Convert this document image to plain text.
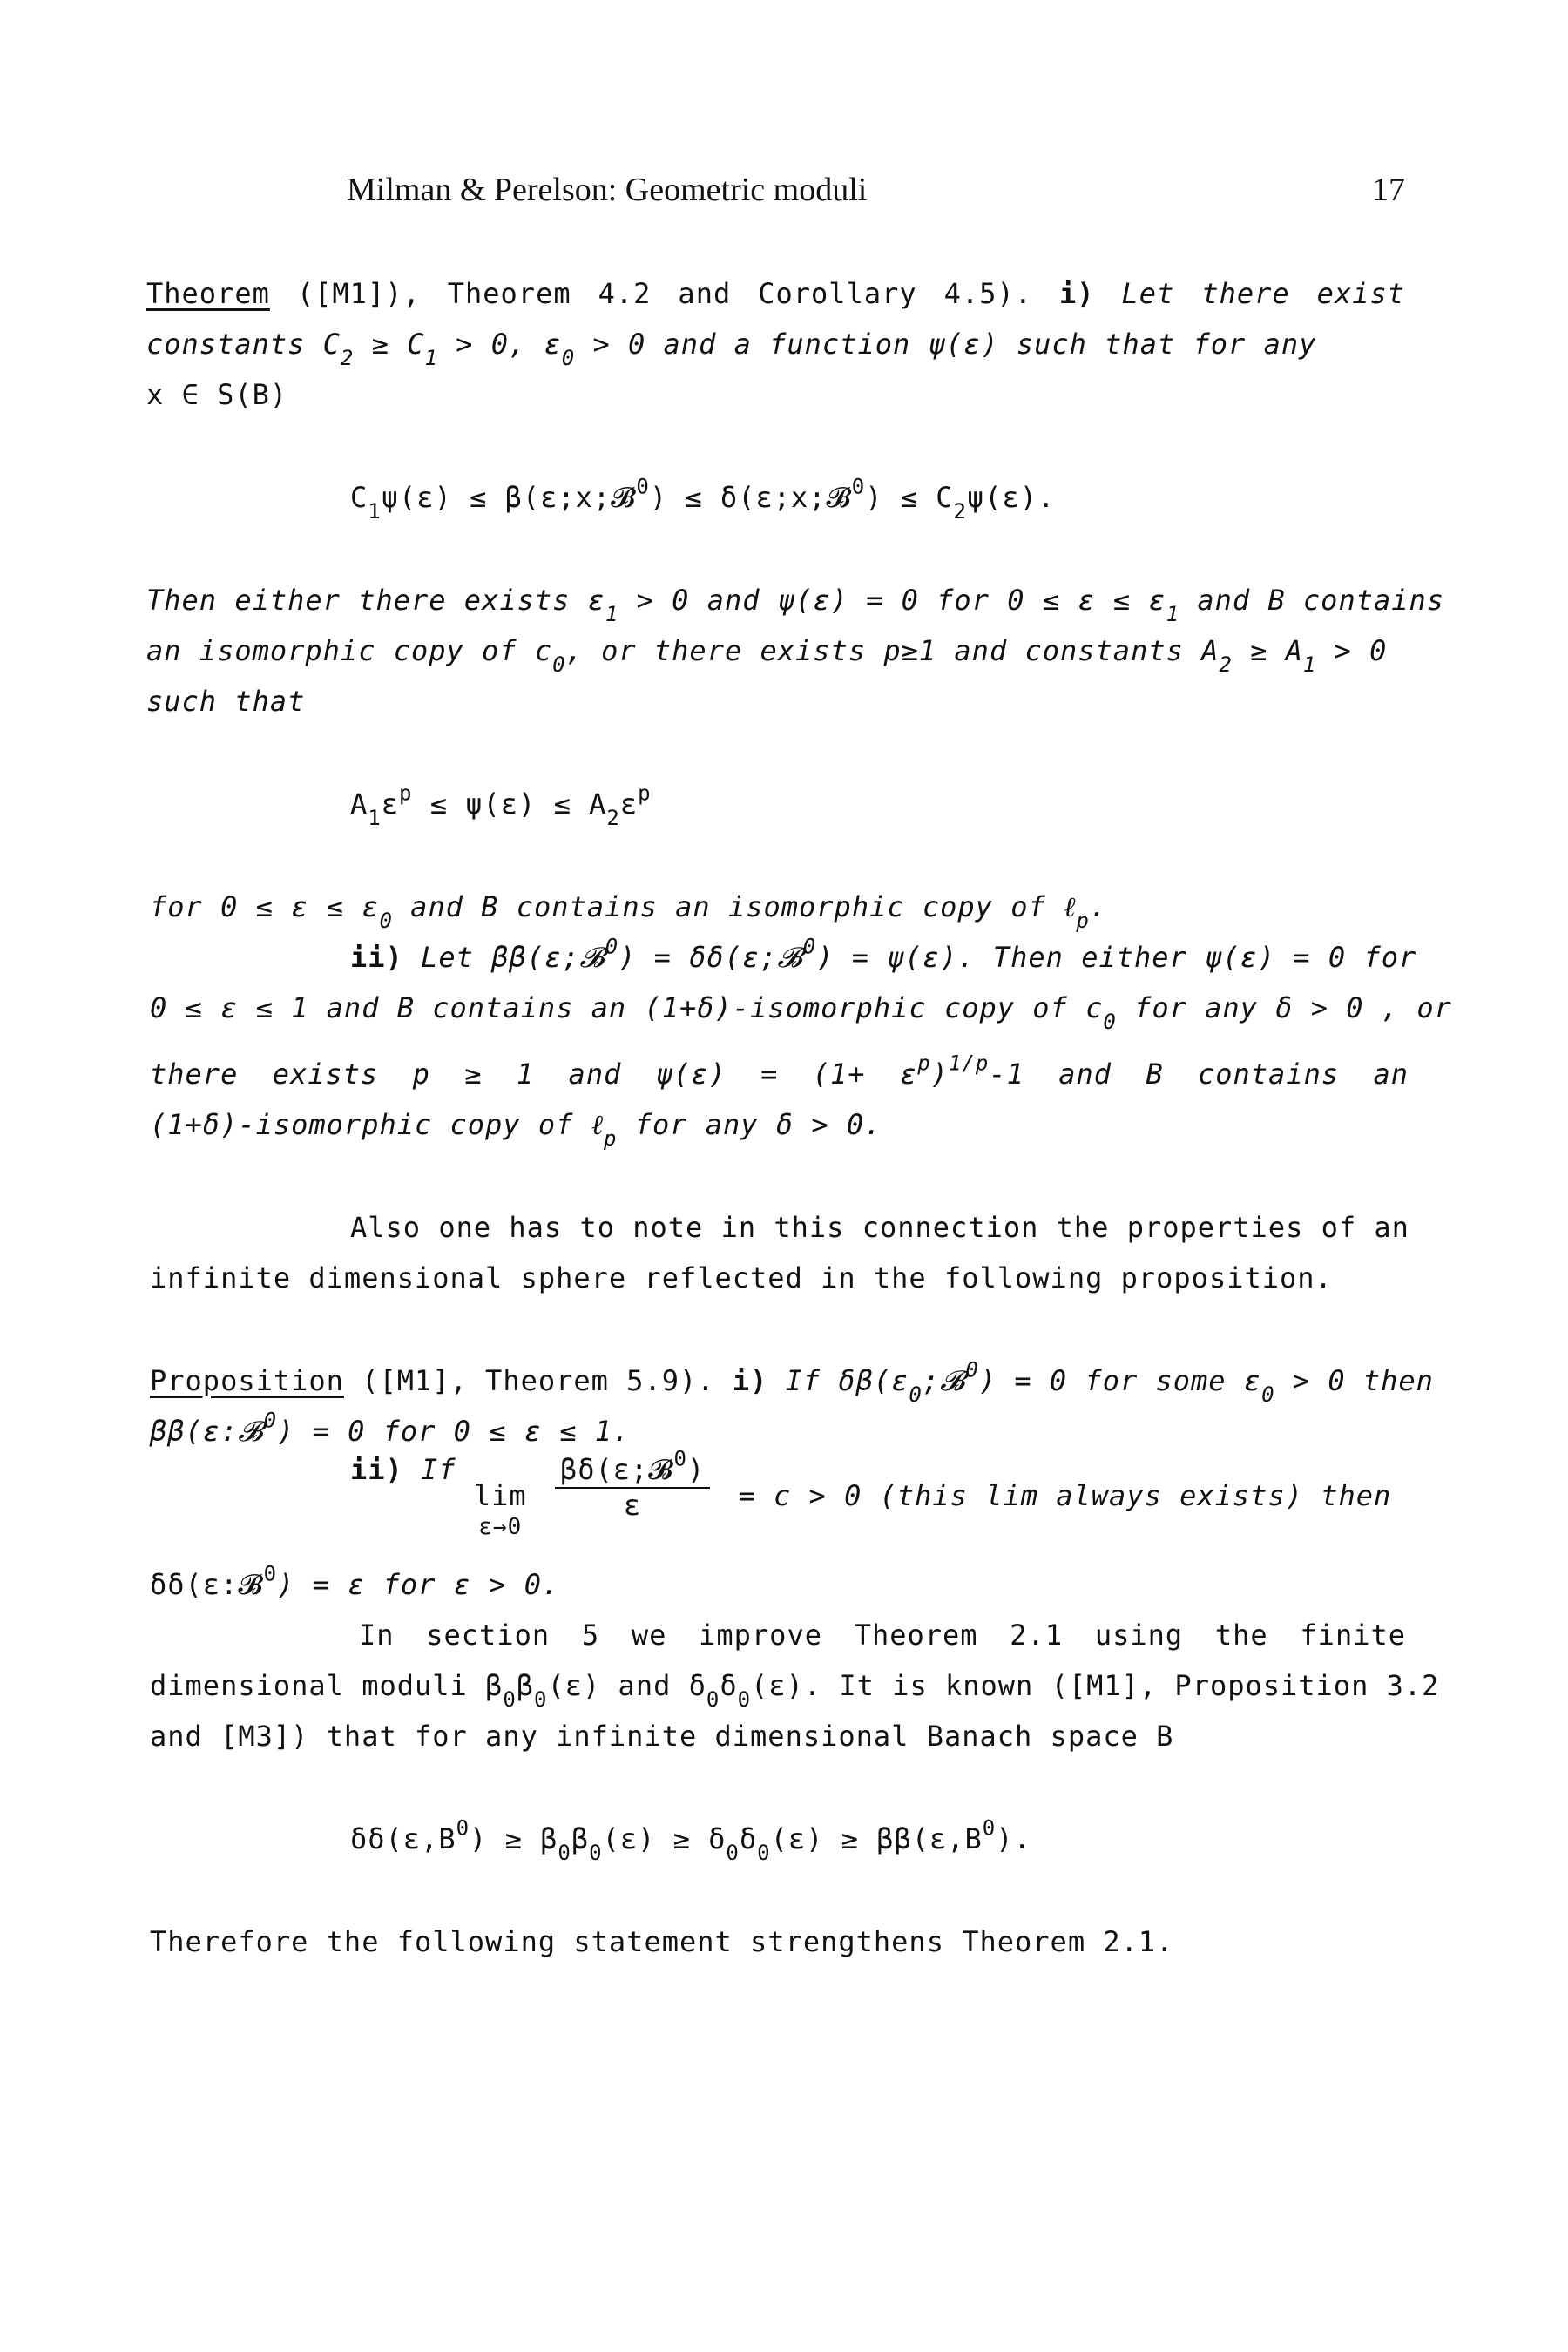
Milman & Perelson: Geometric moduli	17
Theorem ([M1]), Theorem 4.2 and Corollary 4.5). i) Let there exist
constants $C_2 \ge C_1 > 0$, $\varepsilon_0 > 0$ and a function ψ(ε) such that for any
x ∈ S(B)
$C_1\psi(\varepsilon)$ ≤ β(ε;x;𝓑$^0$) ≤ δ(ε;x;𝓑$^0$) ≤ $C_2\psi(\varepsilon)$.
Then either there exists $\varepsilon_1 > 0$ and ψ(ε) = 0 for $0 \le \varepsilon \le \varepsilon_1$ and B contains
an isomorphic copy of $c_0$, or there exists p≥1 and constants $A_2 \ge A_1 > 0$
such that
$A_1\varepsilon^p \le \psi(\varepsilon) \le A_2\varepsilon^p$
for $0 \le \varepsilon \le \varepsilon_0$ and B contains an isomorphic copy of ℓ$_p$.
ii) Let ββ(ε;𝓑$^0$) = δδ(ε;𝓑$^0$) = ψ(ε). Then either ψ(ε) = 0 for
0 ≤ ε ≤ 1 and B contains an (1+δ)-isomorphic copy of $c_0$ for any δ > 0 , or
there exists p ≥ 1 and $\psi(\varepsilon) = (1+ \varepsilon^p)^{1/p}-1$ and B contains an
(1+δ)-isomorphic copy of ℓ$_p$ for any δ > 0.
Also one has to note in this connection the properties of an
infinite dimensional sphere reflected in the following proposition.
Proposition ([M1], Theorem 5.9). i) If $\delta\beta(\varepsilon_0;𝓑^0) = 0$ for some $\varepsilon_0 > 0$ then
ββ(ε:𝓑$^0$) = 0 for 0 ≤ ε ≤ 1.
ii) If lim
ε→0

$\frac{\beta\delta(\varepsilon;𝓑^0)}{\varepsilon} = c > 0$ (this lim always exists) then
δδ(ε:𝓑$^0$) = ε for ε > 0.
In section 5 we improve Theorem 2.1 using the finite
dimensional moduli $\beta_0\beta_0(\varepsilon)$ and $\delta_0\delta_0(\varepsilon)$. It is known ([M1], Proposition 3.2
and [M3]) that for any infinite dimensional Banach space B
$\delta\delta(\varepsilon,B^0) \ge \beta_0\beta_0(\varepsilon) \ge \delta_0\delta_0(\varepsilon) \ge \beta\beta(\varepsilon,B^0)$.
Therefore the following statement strengthens Theorem 2.1.
